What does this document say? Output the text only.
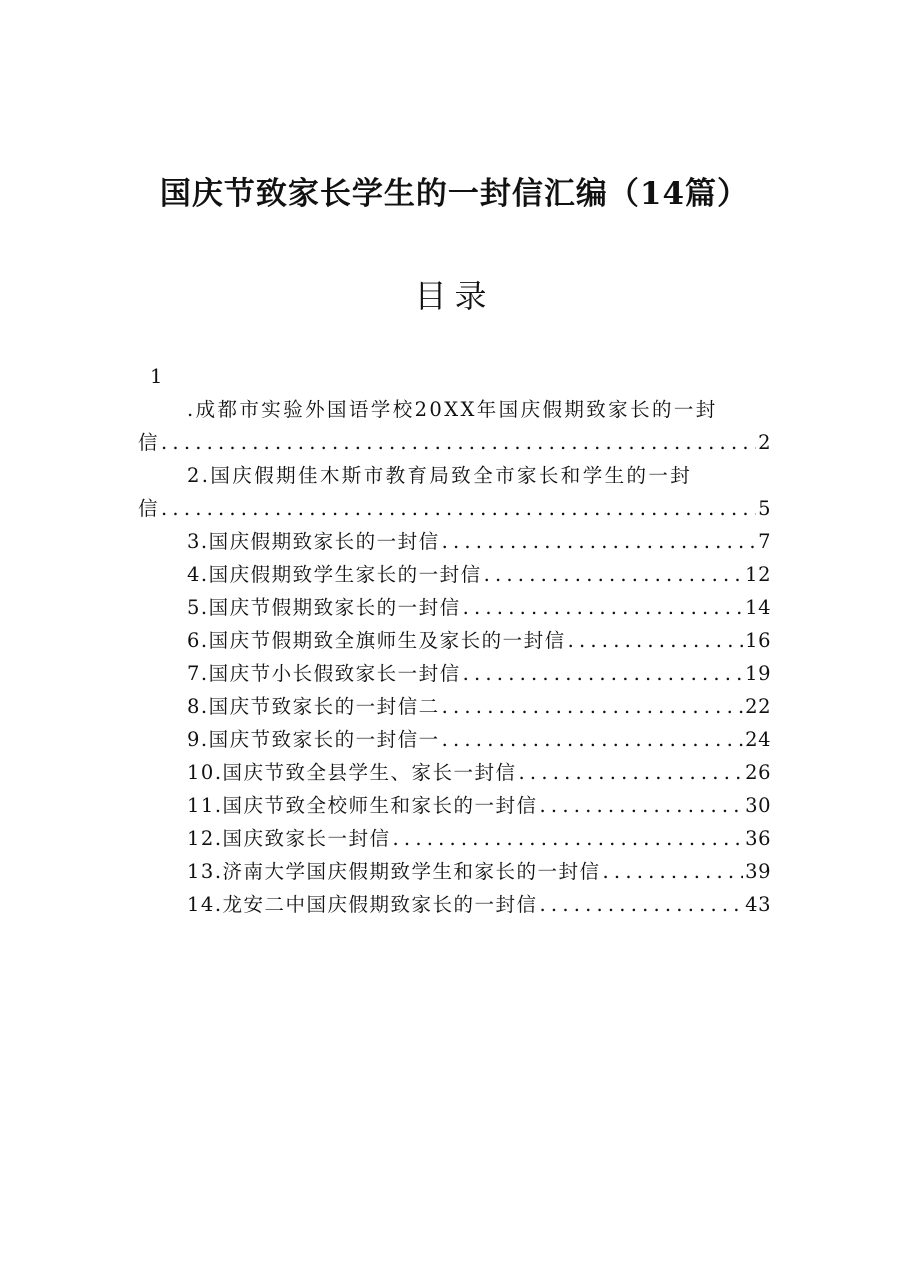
国庆节致家长学生的一封信汇编（14篇）
目录
1
.成都市实验外国语学校20XX年国庆假期致家长的一封
信 .....	2
2.国庆假期佳木斯市教育局致全市家长和学生的一封
信 .....	5
3.国庆假期致家长的一封信 .....	7
4.国庆假期致学生家长的一封信 .....	12
5.国庆节假期致家长的一封信 .....	14
6.国庆节假期致全旗师生及家长的一封信 .....	16
7.国庆节小长假致家长一封信 .....	19
8.国庆节致家长的一封信二 .....	22
9.国庆节致家长的一封信一 .....	24
10.国庆节致全县学生、家长一封信 .....	26
11.国庆节致全校师生和家长的一封信 .....	30
12.国庆致家长一封信 .....	36
13.济南大学国庆假期致学生和家长的一封信 .....	39
14.龙安二中国庆假期致家长的一封信 .....	43
